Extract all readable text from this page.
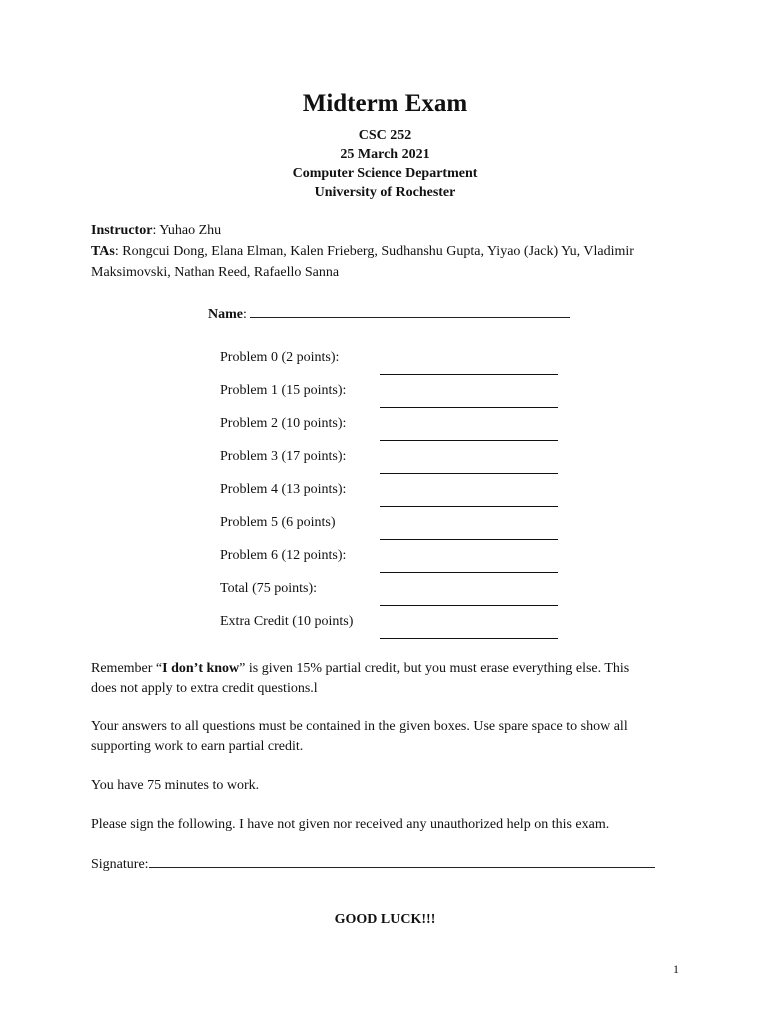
Midterm Exam
CSC 252
25 March 2021
Computer Science Department
University of Rochester
Instructor: Yuhao Zhu
TAs: Rongcui Dong, Elana Elman, Kalen Frieberg, Sudhanshu Gupta, Yiyao (Jack) Yu, Vladimir
Maksimovski, Nathan Reed, Rafaello Sanna
Name:
Problem 0 (2 points):
Problem 1 (15 points):
Problem 2 (10 points):
Problem 3 (17 points):
Problem 4 (13 points):
Problem 5 (6 points)
Problem 6 (12 points):
Total (75 points):
Extra Credit (10 points)
Remember “I don’t know” is given 15% partial credit, but you must erase everything else. This
does not apply to extra credit questions.l
Your answers to all questions must be contained in the given boxes. Use spare space to show all
supporting work to earn partial credit.
You have 75 minutes to work.
Please sign the following. I have not given nor received any unauthorized help on this exam.
Signature:
GOOD LUCK!!!
1
